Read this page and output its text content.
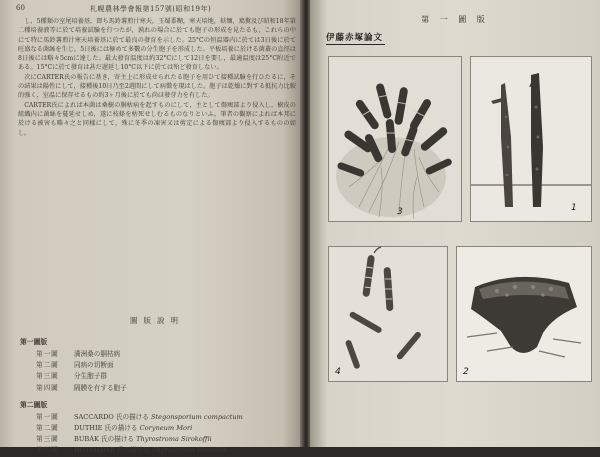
60	札幌農林學會報第157號(昭和19年)

し，5種類の室尾培養基，即ち馬鈴薯煎汁寒天，玉蜀黍糊，寒天培地，麸麺，鶏糞及び昭和18年第二種培養液等に於て培養試驗を行つたが，孰れの場合に於ても胞子の形成を見たるも，これらの中にて特に馬鈴薯煎汁寒天培養基に於て最良の發育を示した。25°Cの恒温器内に於ては3日後に於て旺盛なる菌絲を生じ，5日後には極めて多數の分生胞子を形成した。平板培養に於ける菌叢の直徑は8日後には略々5cmに達した。最大發育温度は約32°Cにして12日を要し，最適温度は25°C附近である。15°Cに於て發育は甚だ遅延し10°C以下に於ては殆ど發育しない。

次にCARTER氏の報告に基き，寄主上に形成せられたる胞子を用ひて接種試驗を行ひたるに，その結果は陽性にして，接種後10日乃至2週間にして病徴を現はした。胞子は乾燥に對する抵抗力比較的強く，室温に保存せるもの約3ヶ月後に於ても尚ほ發芽力を有した。

CARTER氏によれば本菌は桑樹の胴枯病を起すものにして，主として傷痍部より侵入し，樹皮の組織内に菌絲を蔓延せしめ，遂に枝條を枯死せしむるものなりといふ。筆者の觀察によれば本邦に於ける被害も略々之と同樣にして，殊に冬季の凍害又は剪定による傷痍部より侵入するものの如し。

圖版說明
第一圖版
第一圖	満洲桑の胴枯病
第二圖	同病の切断面
第三圖	分生胞子群
第四圖	隔膜を有する胞子
第二圖版
第一圖	SACCARDO 氏の描ける Stegonsporium compactum
第二圖	DUTHIE 氏の描ける Coryneum Mori
第三圖	BUBÁK 氏の描ける Thyrostroma Sirokoffii
第四圖	HOTSHDAR 氏の描ける Thyrostroma bovilellis
第 一 圖 版
伊藤赤塚論文
3	1
4	2
